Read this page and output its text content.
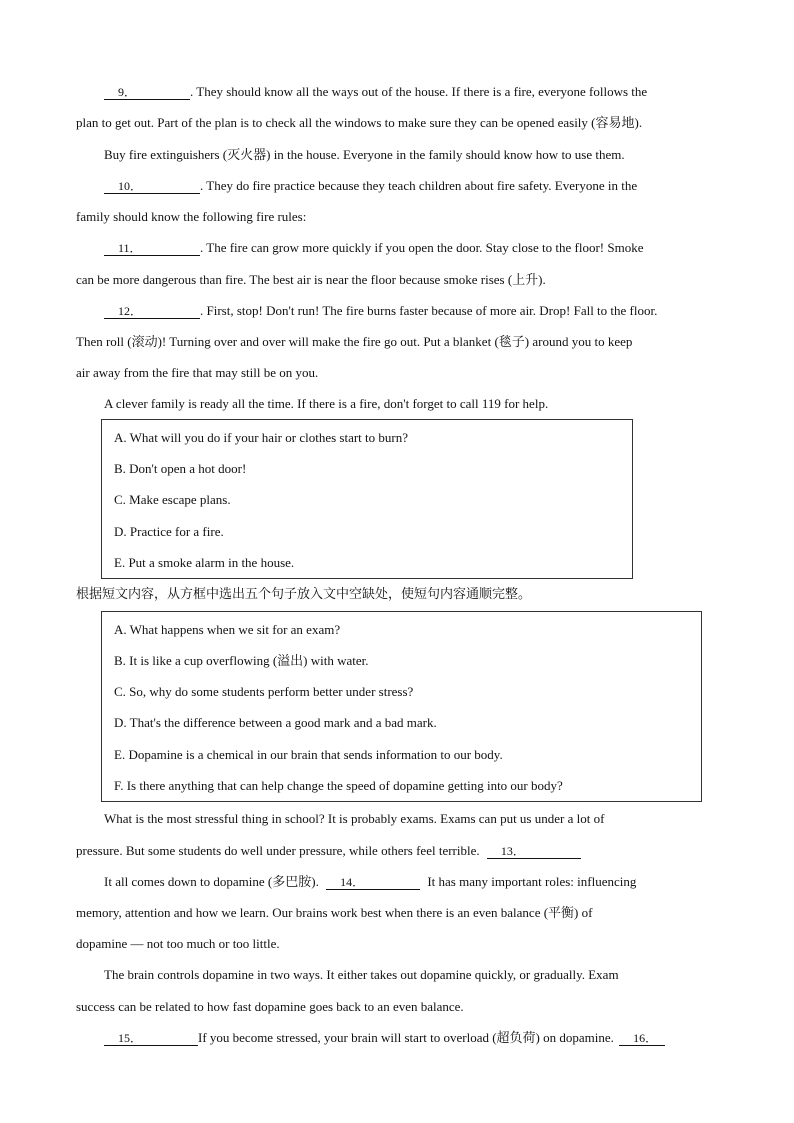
9．	. They should know all the ways out of the house. If there is a fire, everyone follows the
plan to get out. Part of the plan is to check all the windows to make sure they can be opened easily (容易地).
Buy fire extinguishers (灭火器) in the house. Everyone in the family should know how to use them.
10．	. They do fire practice because they teach children about fire safety. Everyone in the
family should know the following fire rules:
11．	. The fire can grow more quickly if you open the door. Stay close to the floor! Smoke
can be more dangerous than fire. The best air is near the floor because smoke rises (上升).
12．	. First, stop! Don't run! The fire burns faster because of more air. Drop! Fall to the floor.
Then roll (滚动)! Turning over and over will make the fire go out. Put a blanket (毯子) around you to keep
air away from the fire that may still be on you.
A clever family is ready all the time. If there is a fire, don't forget to call 119 for help.
A. What will you do if your hair or clothes start to burn?
B. Don't open a hot door!
C. Make escape plans.
D. Practice for a fire.
E. Put a smoke alarm in the house.
根据短文内容，从方框中选出五个句子放入文中空缺处，使短句内容通顺完整。
A. What happens when we sit for an exam?
B. It is like a cup overflowing (溢出) with water.
C. So, why do some students perform better under stress?
D. That's the difference between a good mark and a bad mark.
E. Dopamine is a chemical in our brain that sends information to our body.
F. Is there anything that can help change the speed of dopamine getting into our body?
What is the most stressful thing in school? It is probably exams. Exams can put us under a lot of
pressure. But some students do well under pressure, while others feel terrible. 13．
It all comes down to dopamine (多巴胺). 14．	It has many important roles: influencing
memory, attention and how we learn. Our brains work best when there is an even balance (平衡) of
dopamine — not too much or too little.
The brain controls dopamine in two ways. It either takes out dopamine quickly, or gradually. Exam
success can be related to how fast dopamine goes back to an even balance.
15．	If you become stressed, your brain will start to overload (超负荷) on dopamine. 16．
